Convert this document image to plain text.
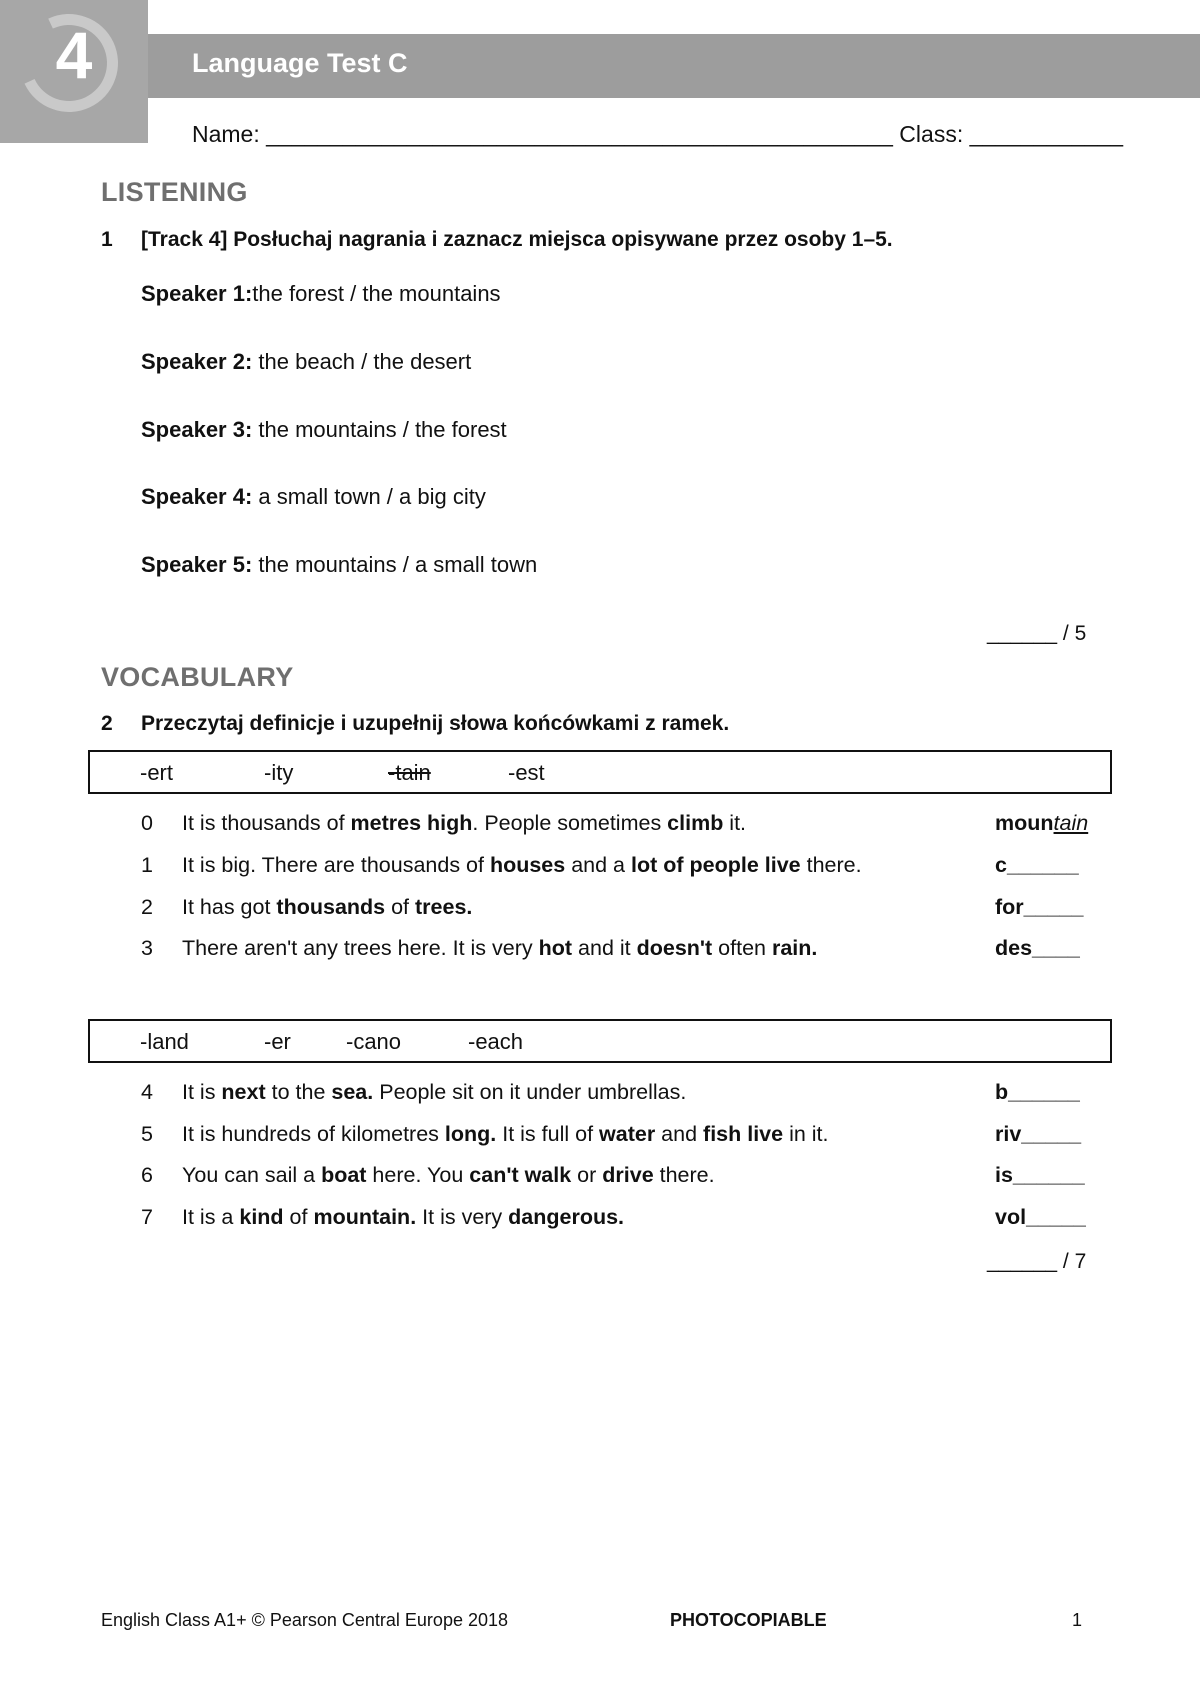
4	Language Test C
Name: _________________________________________________ Class: ____________
LISTENING
1 [Track 4] Posłuchaj nagrania i zaznacz miejsca opisywane przez osoby 1–5.
Speaker 1:the forest / the mountains
Speaker 2: the beach / the desert
Speaker 3: the mountains / the forest
Speaker 4: a small town / a big city
Speaker 5: the mountains / a small town
______ / 5
VOCABULARY
2 Przeczytaj definicje i uzupełnij słowa końcówkami z ramek.
-ert	-ity	-tain	-est
0 It is thousands of metres high. People sometimes climb it.	mountain
1 It is big. There are thousands of houses and a lot of people live there.	c______
2 It has got thousands of trees.	for_____
3 There aren't any trees here. It is very hot and it doesn't often rain.	des____
-land	-er	-cano	-each
4 It is next to the sea. People sit on it under umbrellas.	b______
5 It is hundreds of kilometres long. It is full of water and fish live in it.	riv_____
6 You can sail a boat here. You can't walk or drive there.	is______
7 It is a kind of mountain. It is very dangerous.	vol_____
______ / 7
English Class A1+ © Pearson Central Europe 2018	PHOTOCOPIABLE	1
